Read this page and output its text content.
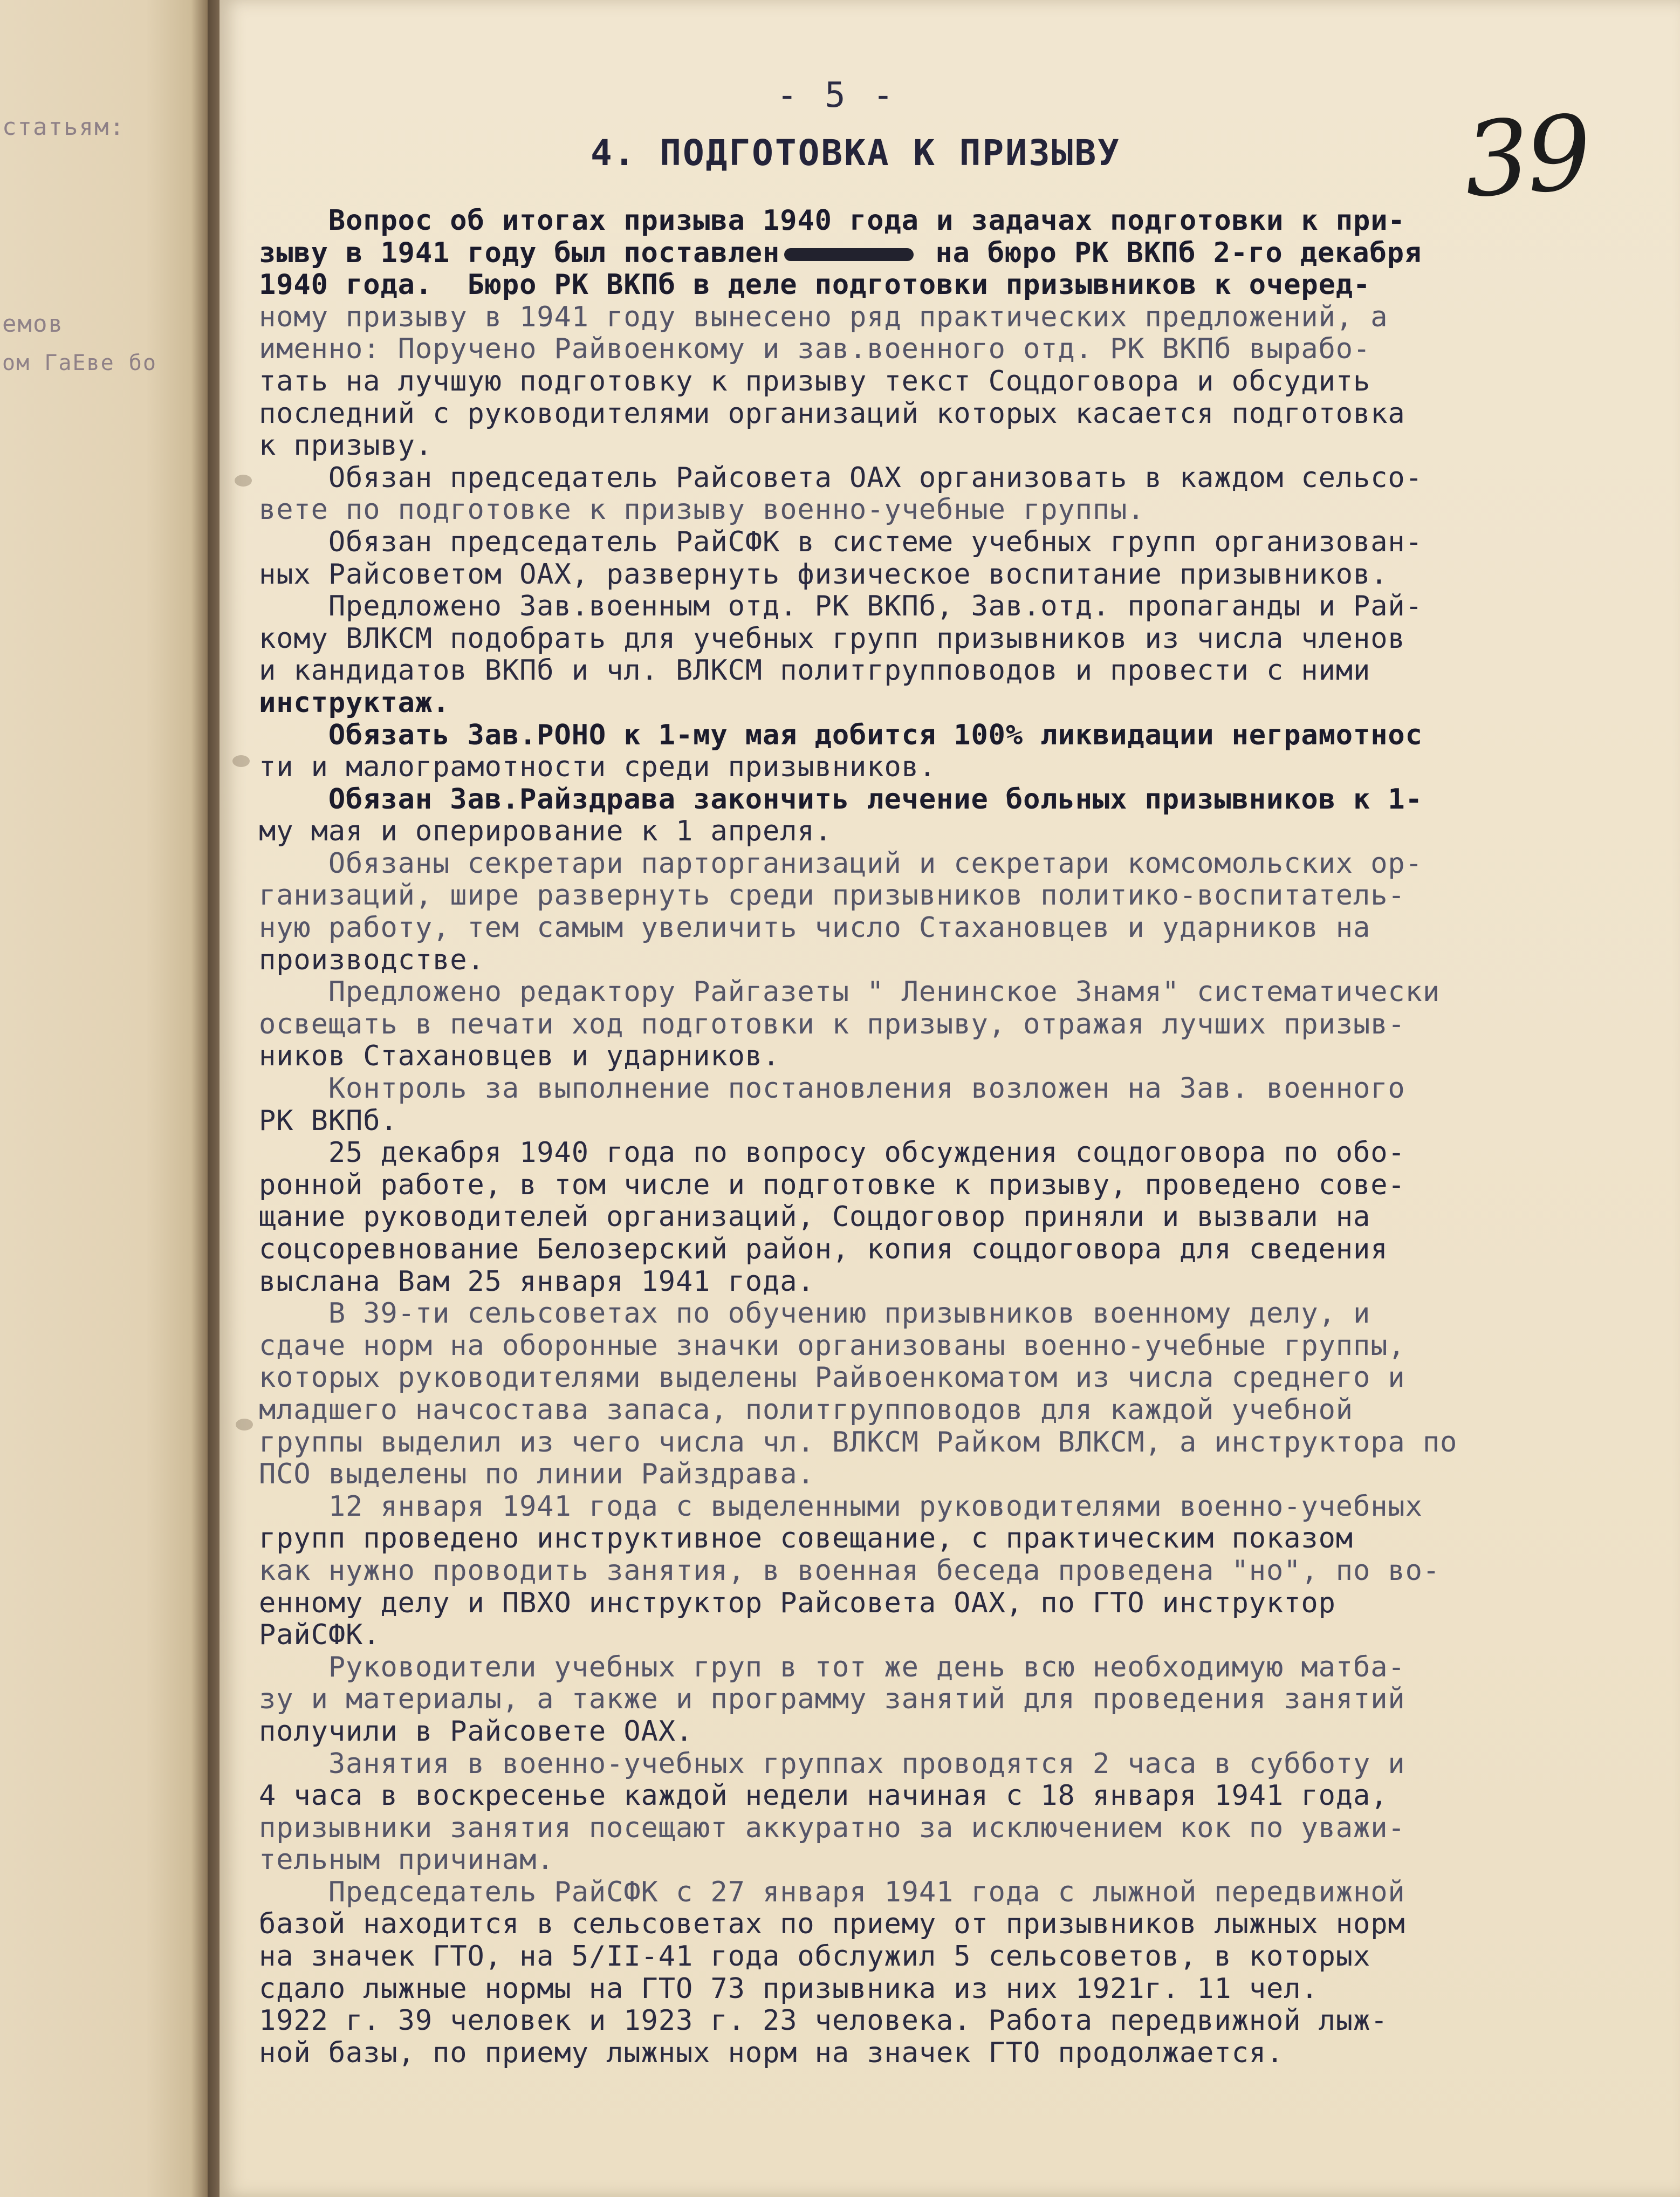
статьям:
емов
ом ГаЕве бо
- 5 -	39
4. ПОДГОТОВКА К ПРИЗЫВУ
Вопрос об итогах призыва 1940 года и задачах подготовки к при-
зыву в 1941 году был поставлен	на бюро РК ВКПб 2-го декабря
1940 года.  Бюро РК ВКПб в деле подготовки призывников к очеред-
ному призыву в 1941 году вынесено ряд практических предложений, а
именно: Поручено Райвоенкому и зав.военного отд. РК ВКПб вырабо-
тать на лучшую подготовку к призыву текст Соцдоговора и обсудить
последний с руководителями организаций которых касается подготовка
к призыву.
Обязан председатель Райсовета ОАХ организовать в каждом сельсо-
вете по подготовке к призыву военно-учебные группы.
Обязан председатель РайСФК в системе учебных групп организован-
ных Райсоветом ОАХ, развернуть физическое воспитание призывников.
Предложено Зав.военным отд. РК ВКПб, Зав.отд. пропаганды и Рай-
кому ВЛКСМ подобрать для учебных групп призывников из числа членов
и кандидатов ВКПб и чл. ВЛКСМ политгрупповодов и провести с ними
инструктаж.
Обязать Зав.РОНО к 1-му мая добится 100% ликвидации неграмотнос
ти и малограмотности среди призывников.
Обязан Зав.Райздрава закончить лечение больных призывников к 1-
му мая и оперирование к 1 апреля.
Обязаны секретари парторганизаций и секретари комсомольских ор-
ганизаций, шире развернуть среди призывников политико-воспитатель-
ную работу, тем самым увеличить число Стахановцев и ударников на
производстве.
Предложено редактору Райгазеты " Ленинское Знамя" систематически
освещать в печати ход подготовки к призыву, отражая лучших призыв-
ников Стахановцев и ударников.
Контроль за выполнение постановления возложен на Зав. военного
РК ВКПб.
25 декабря 1940 года по вопросу обсуждения соцдоговора по обо-
ронной работе, в том числе и подготовке к призыву, проведено сове-
щание руководителей организаций, Соцдоговор приняли и вызвали на
соцсоревнование Белозерский район, копия соцдоговора для сведения
выслана Вам 25 января 1941 года.
В 39-ти сельсоветах по обучению призывников военному делу, и
сдаче норм на оборонные значки организованы военно-учебные группы,
которых руководителями выделены Райвоенкоматом из числа среднего и
младшего начсостава запаса, политгрупповодов для каждой учебной
группы выделил из чего числа чл. ВЛКСМ Райком ВЛКСМ, а инструктора по
ПСО выделены по линии Райздрава.
12 января 1941 года с выделенными руководителями военно-учебных
групп проведено инструктивное совещание, с практическим показом
как нужно проводить занятия, в военная беседа проведена "но", по во-
енному делу и ПВХО инструктор Райсовета ОАХ, по ГТО инструктор
РайСФК.
Руководители учебных груп в тот же день всю необходимую матба-
зу и материалы, а также и программу занятий для проведения занятий
получили в Райсовете ОАХ.
Занятия в военно-учебных группах проводятся 2 часа в субботу и
4 часа в воскресенье каждой недели начиная с 18 января 1941 года,
призывники занятия посещают аккуратно за исключением кок по уважи-
тельным причинам.
Председатель РайСФК с 27 января 1941 года с лыжной передвижной
базой находится в сельсоветах по приему от призывников лыжных норм
на значек ГТО, на 5/II-41 года обслужил 5 сельсоветов, в которых
сдало лыжные нормы на ГТО 73 призывника из них 1921г. 11 чел.
1922 г. 39 человек и 1923 г. 23 человека. Работа передвижной лыж-
ной базы, по приему лыжных норм на значек ГТО продолжается.
